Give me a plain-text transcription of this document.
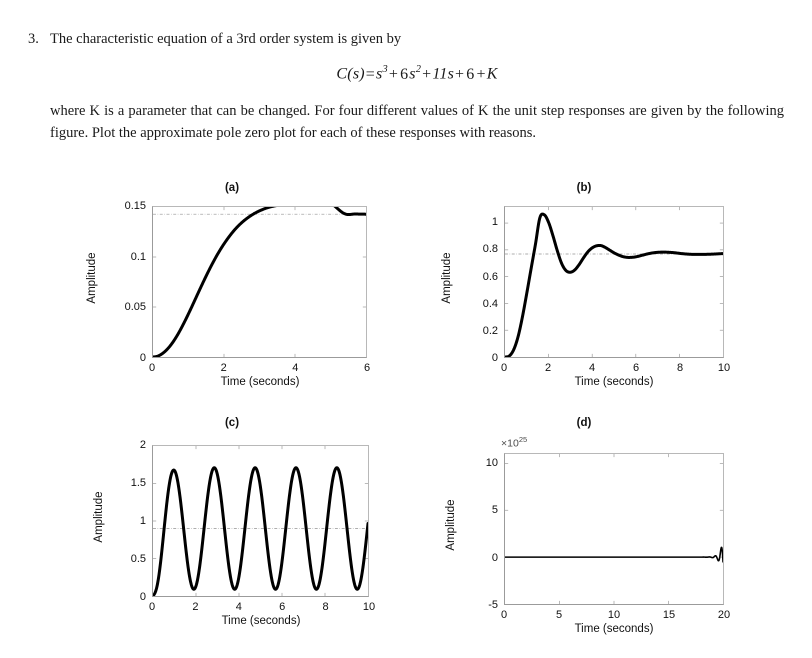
3. The characteristic equation of a 3rd order system is given by
$C(s)=s^3+ 6s^2+11s+ 6 +K$
where K is a parameter that can be changed. For four different values of K the unit step responses are given by the following figure. Plot the approximate pole zero plot for each of these responses with reasons.
(a)
Amplitude
Time (seconds)
0
0.05
0.1
0.15
0	2	4	6
(b)
Amplitude
Time (seconds)
0
0.2
0.4
0.6
0.8
1
0	2	4	6	8	10
(c)
Amplitude
Time (seconds)
0
0.5
1
1.5
2
0	2	4	6	8	10
(d)
$\times 10^{25}$
Amplitude
Time (seconds)
-5
0
5
10
0	5	10	15	20
